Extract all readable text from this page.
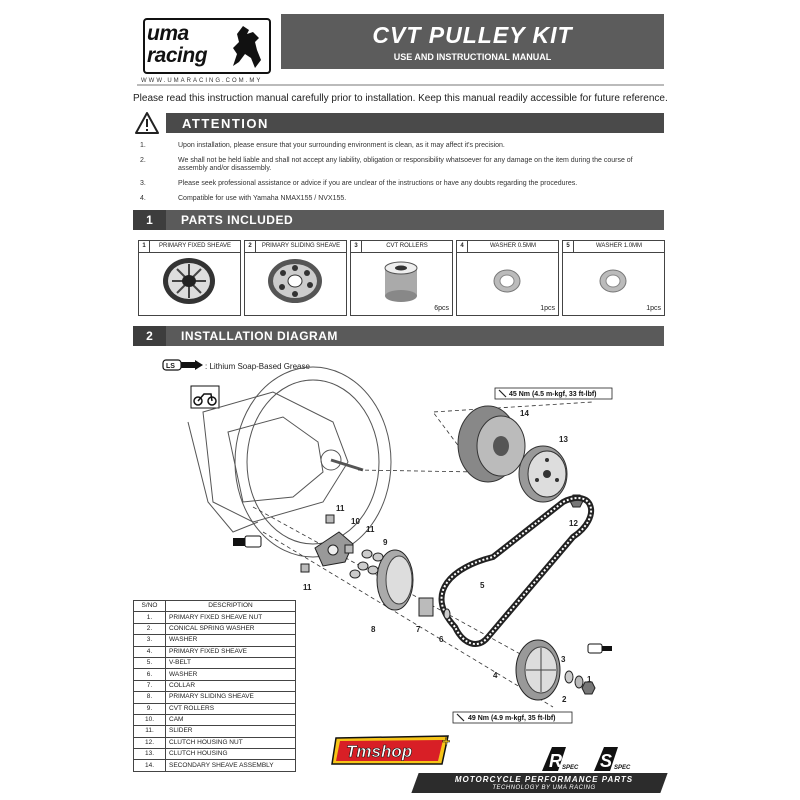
uma
racing
WWW.UMARACING.COM.MY
CVT PULLEY KIT
USE AND INSTRUCTIONAL MANUAL
Please read this instruction manual carefully prior to installation. Keep this manual readily accessible for future reference.
ATTENTION
1.	Upon installation, please ensure that your surrounding environment is clean, as it may affect it's precision.
2.	We shall not be held liable and shall not accept any liability, obligation or responsibility whatsoever for any damage on the item during the course of assembly and/or disassembly.
3.	Please seek professional assistance or advice if you are unclear of the instructions or have any doubts regarding the procedures.
4.	Compatible for use with Yamaha NMAX155 / NVX155.
1	PARTS INCLUDED
1	PRIMARY FIXED SHEAVE	2	PRIMARY SLIDING SHEAVE	3	CVT ROLLERS
6pcs
4	WASHER 0.5MM
1pcs
5	WASHER 1.0MM
1pcs
2	INSTALLATION DIAGRAM
LS	: Lithium Soap-Based Grease
45 Nm (4.5 m-kgf, 33 ft-lbf)
49 Nm (4.9 m-kgf, 35 ft-lbf)
1
2
3
4
5
6
7
8
9
10
11
11
11
12
13
14
S/NO	DESCRIPTION
1.	PRIMARY FIXED SHEAVE NUT
2.	CONICAL SPRING WASHER
3.	WASHER
4.	PRIMARY FIXED SHEAVE
5.	V-BELT
6.	WASHER
7.	COLLAR
8.	PRIMARY SLIDING SHEAVE
9.	CVT ROLLERS
10.	CAM
11.	SLIDER
12.	CLUTCH HOUSING NUT
13.	CLUTCH HOUSING
14.	SECONDARY SHEAVE ASSEMBLY
Tmshop
+
R SPEC S SPEC
MOTORCYCLE PERFORMANCE PARTS
TECHNOLOGY BY UMA RACING
